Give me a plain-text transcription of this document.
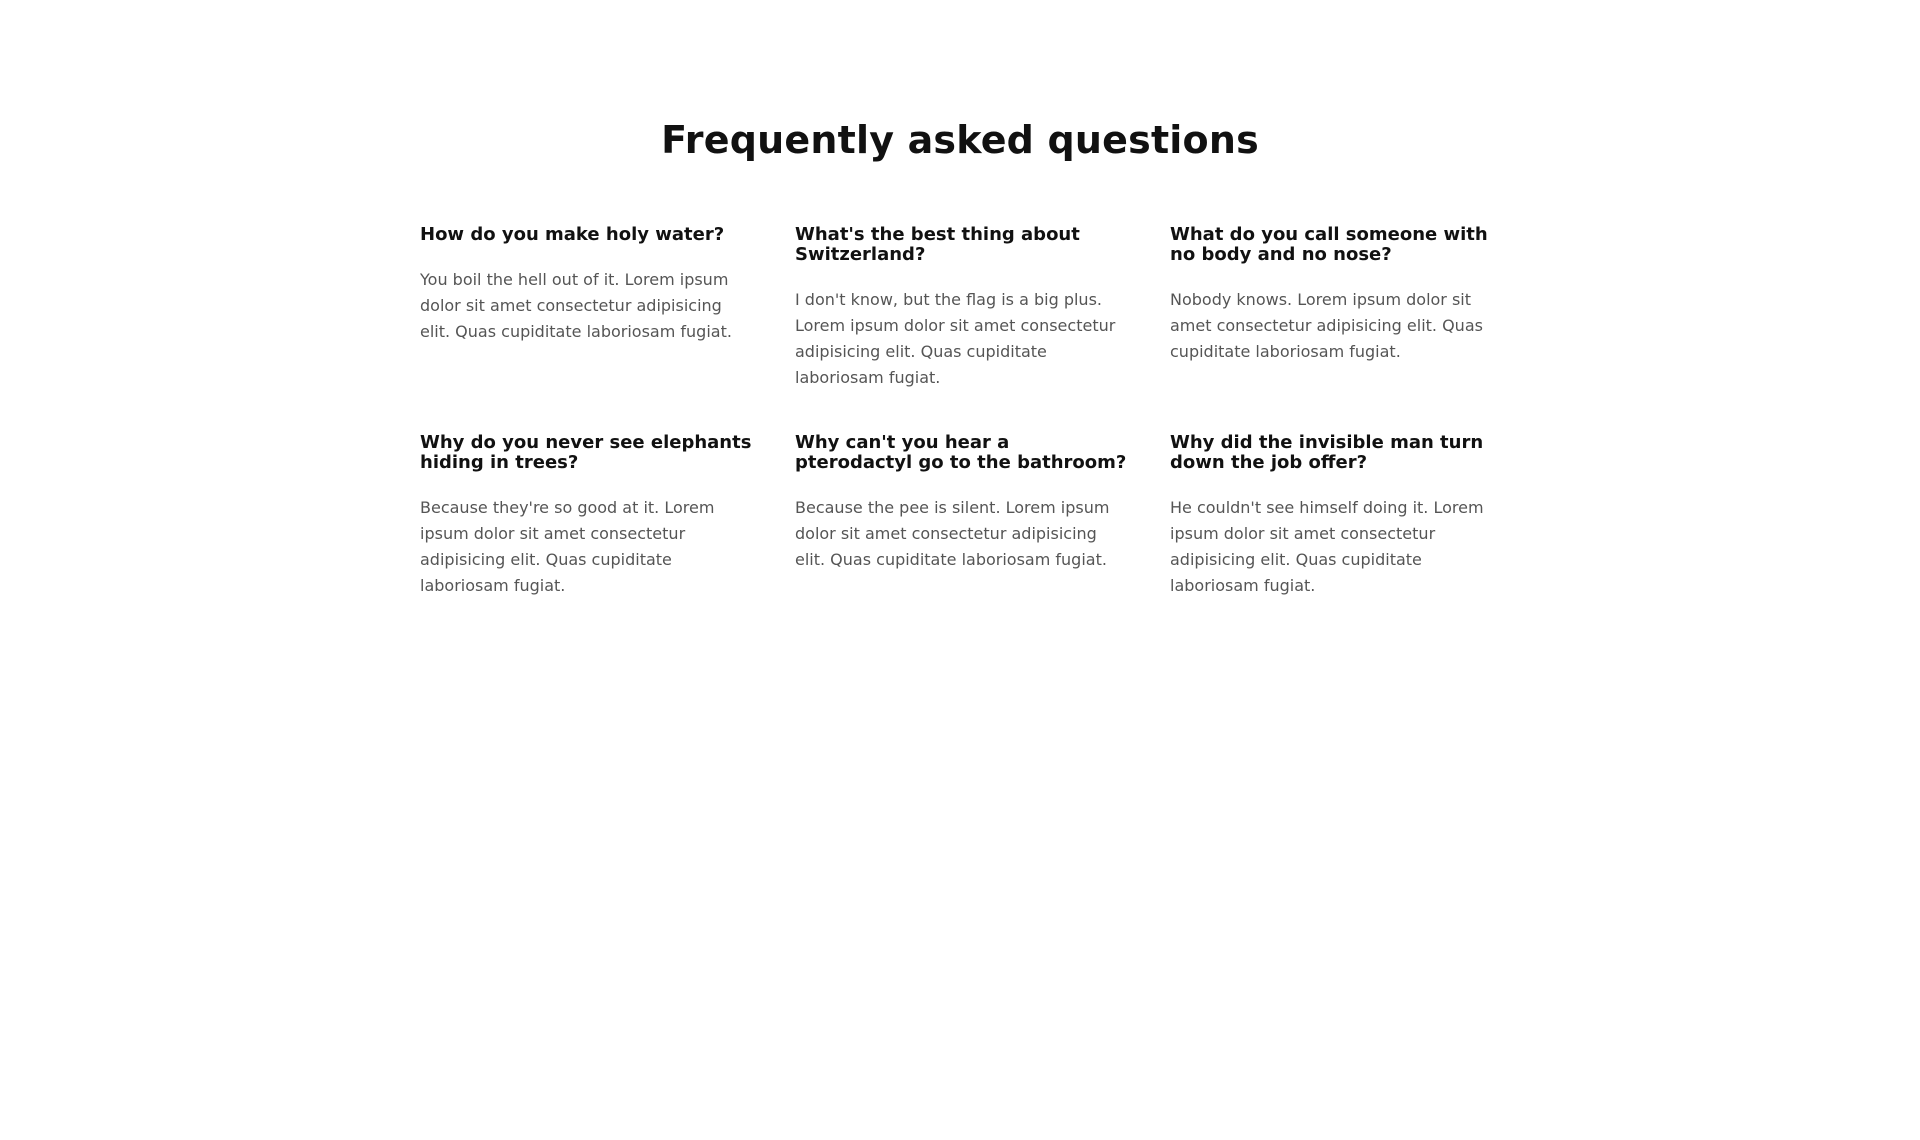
Frequently asked questions
How do you make holy water?

You boil the hell out of it. Lorem ipsum dolor sit amet consectetur adipisicing elit. Quas cupiditate laboriosam fugiat.

What's the best thing about Switzerland?

I don't know, but the flag is a big plus. Lorem ipsum dolor sit amet consectetur adipisicing elit. Quas cupiditate laboriosam fugiat.

What do you call someone with no body and no nose?

Nobody knows. Lorem ipsum dolor sit amet consectetur adipisicing elit. Quas cupiditate laboriosam fugiat.

Why do you never see elephants hiding in trees?

Because they're so good at it. Lorem ipsum dolor sit amet consectetur adipisicing elit. Quas cupiditate laboriosam fugiat.

Why can't you hear a pterodactyl go to the bathroom?

Because the pee is silent. Lorem ipsum dolor sit amet consectetur adipisicing elit. Quas cupiditate laboriosam fugiat.

Why did the invisible man turn down the job offer?

He couldn't see himself doing it. Lorem ipsum dolor sit amet consectetur adipisicing elit. Quas cupiditate laboriosam fugiat.
